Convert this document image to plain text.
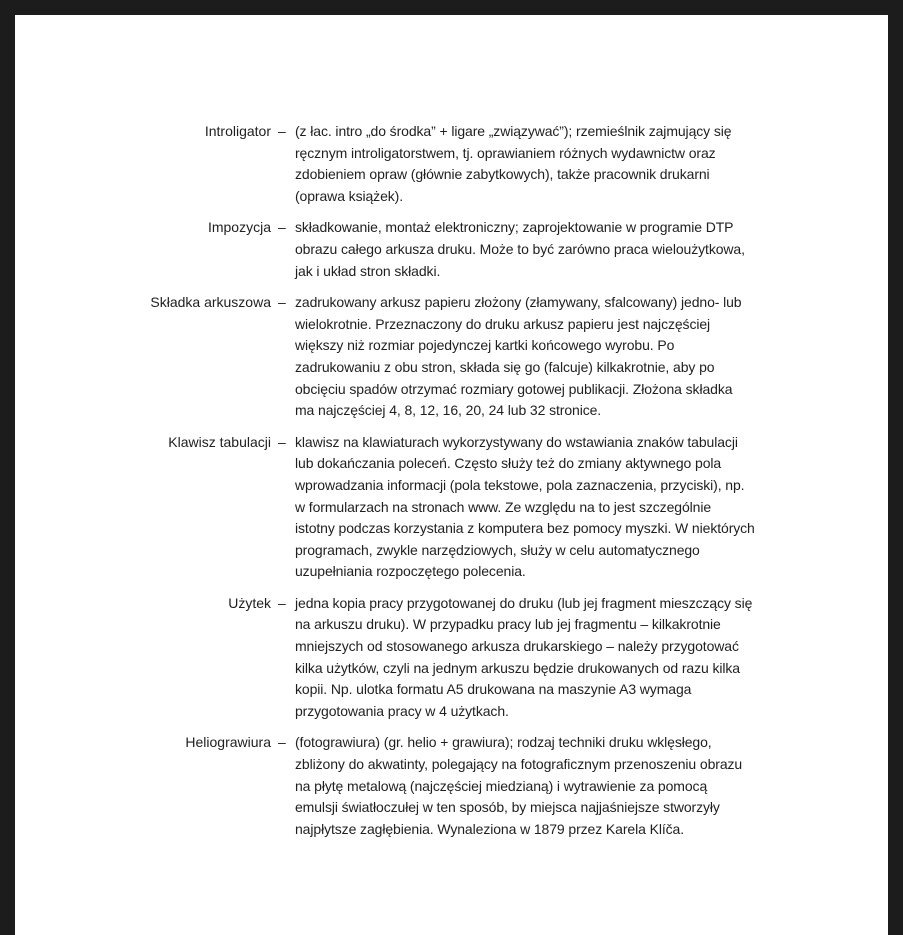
Introligator – (z łac. intro „do środka” + ligare „związywać”); rzemieślnik zajmujący się
ręcznym introligatorstwem, tj. oprawianiem różnych wydawnictw oraz
zdobieniem opraw (głównie zabytkowych), także pracownik drukarni
(oprawa książek).
Impozycja – składkowanie, montaż elektroniczny; zaprojektowanie w programie DTP
obrazu całego arkusza druku. Może to być zarówno praca wieloużytkowa,
jak i układ stron składki.
Składka arkuszowa – zadrukowany arkusz papieru złożony (złamywany, sfalcowany) jedno- lub
wielokrotnie. Przeznaczony do druku arkusz papieru jest najczęściej
większy niż rozmiar pojedynczej kartki końcowego wyrobu. Po
zadrukowaniu z obu stron, składa się go (falcuje) kilkakrotnie, aby po
obcięciu spadów otrzymać rozmiary gotowej publikacji. Złożona składka
ma najczęściej 4, 8, 12, 16, 20, 24 lub 32 stronice.
Klawisz tabulacji – klawisz na klawiaturach wykorzystywany do wstawiania znaków tabulacji
lub dokańczania poleceń. Często służy też do zmiany aktywnego pola
wprowadzania informacji (pola tekstowe, pola zaznaczenia, przyciski), np.
w formularzach na stronach www. Ze względu na to jest szczególnie
istotny podczas korzystania z komputera bez pomocy myszki. W niektórych
programach, zwykle narzędziowych, służy w celu automatycznego
uzupełniania rozpoczętego polecenia.
Użytek – jedna kopia pracy przygotowanej do druku (lub jej fragment mieszczący się
na arkuszu druku). W przypadku pracy lub jej fragmentu – kilkakrotnie
mniejszych od stosowanego arkusza drukarskiego – należy przygotować
kilka użytków, czyli na jednym arkuszu będzie drukowanych od razu kilka
kopii. Np. ulotka formatu A5 drukowana na maszynie A3 wymaga
przygotowania pracy w 4 użytkach.
Heliograwiura – (fotograwiura) (gr. helio + grawiura); rodzaj techniki druku wklęsłego,
zbliżony do akwatinty, polegający na fotograficznym przenoszeniu obrazu
na płytę metalową (najczęściej miedzianą) i wytrawienie za pomocą
emulsji światłoczułej w ten sposób, by miejsca najjaśniejsze stworzyły
najpłytsze zagłębienia. Wynaleziona w 1879 przez Karela Klíča.
